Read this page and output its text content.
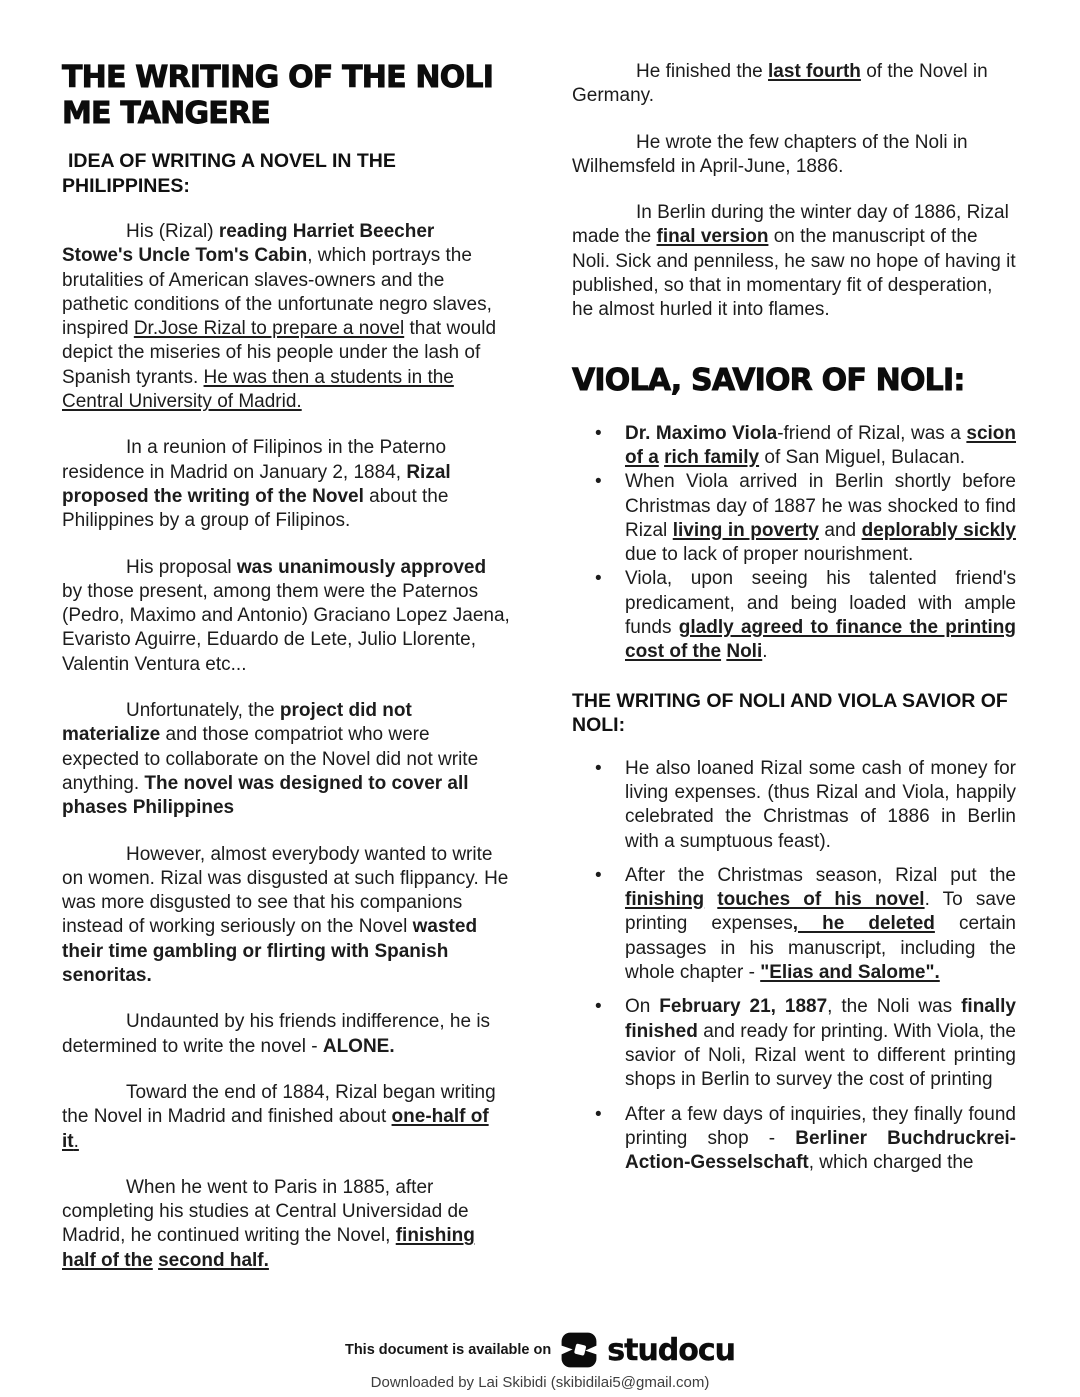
THE WRITING OF THE NOLI ME TANGERE
IDEA OF WRITING A NOVEL IN THE PHILIPPINES:

His (Rizal) reading Harriet Beecher Stowe's Uncle Tom's Cabin, which portrays the brutalities of American slaves-owners and the pathetic conditions of the unfortunate negro slaves, inspired Dr.Jose Rizal to prepare a novel that would depict the miseries of his people under the lash of Spanish tyrants. He was then a students in the Central University of Madrid.

In a reunion of Filipinos in the Paterno residence in Madrid on January 2, 1884, Rizal proposed the writing of the Novel about the Philippines by a group of Filipinos.

His proposal was unanimously approved by those present, among them were the Paternos (Pedro, Maximo and Antonio) Graciano Lopez Jaena, Evaristo Aguirre, Eduardo de Lete, Julio Llorente, Valentin Ventura etc...

Unfortunately, the project did not materialize and those compatriot who were expected to collaborate on the Novel did not write anything. The novel was designed to cover all phases Philippines

However, almost everybody wanted to write on women. Rizal was disgusted at such flippancy. He was more disgusted to see that his companions instead of working seriously on the Novel wasted their time gambling or flirting with Spanish senoritas.

Undaunted by his friends indifference, he is determined to write the novel - ALONE.

Toward the end of 1884, Rizal began writing the Novel in Madrid and finished about one-half of it.

When he went to Paris in 1885, after completing his studies at Central Universidad de Madrid, he continued writing the Novel, finishing half of the second half.

He finished the last fourth of the Novel in Germany.

He wrote the few chapters of the Noli in Wilhemsfeld in April-June, 1886.

In Berlin during the winter day of 1886, Rizal made the final version on the manuscript of the Noli. Sick and penniless, he saw no hope of having it published, so that in momentary fit of desperation, he almost hurled it into flames.

VIOLA, SAVIOR OF NOLI:
• Dr. Maximo Viola-friend of Rizal, was a scion of a rich family of San Miguel, Bulacan.
• When Viola arrived in Berlin shortly before Christmas day of 1887 he was shocked to find Rizal living in poverty and deplorably sickly due to lack of proper nourishment.
• Viola, upon seeing his talented friend's predicament, and being loaded with ample funds gladly agreed to finance the printing cost of the Noli.
THE WRITING OF NOLI AND VIOLA SAVIOR OF NOLI:
• He also loaned Rizal some cash of money for living expenses. (thus Rizal and Viola, happily celebrated the Christmas of 1886 in Berlin with a sumptuous feast).
• After the Christmas season, Rizal put the finishing touches of his novel. To save printing expenses, he deleted certain passages in his manuscript, including the whole chapter - "Elias and Salome".
• On February 21, 1887, the Noli was finally finished and ready for printing. With Viola, the savior of Noli, Rizal went to different printing shops in Berlin to survey the cost of printing
• After a few days of inquiries, they finally found printing shop - Berliner Buchdruckrei-Action-Gesselschaft, which charged the
This document is available on studocu
Downloaded by Lai Skibidi (skibidilai5@gmail.com)
